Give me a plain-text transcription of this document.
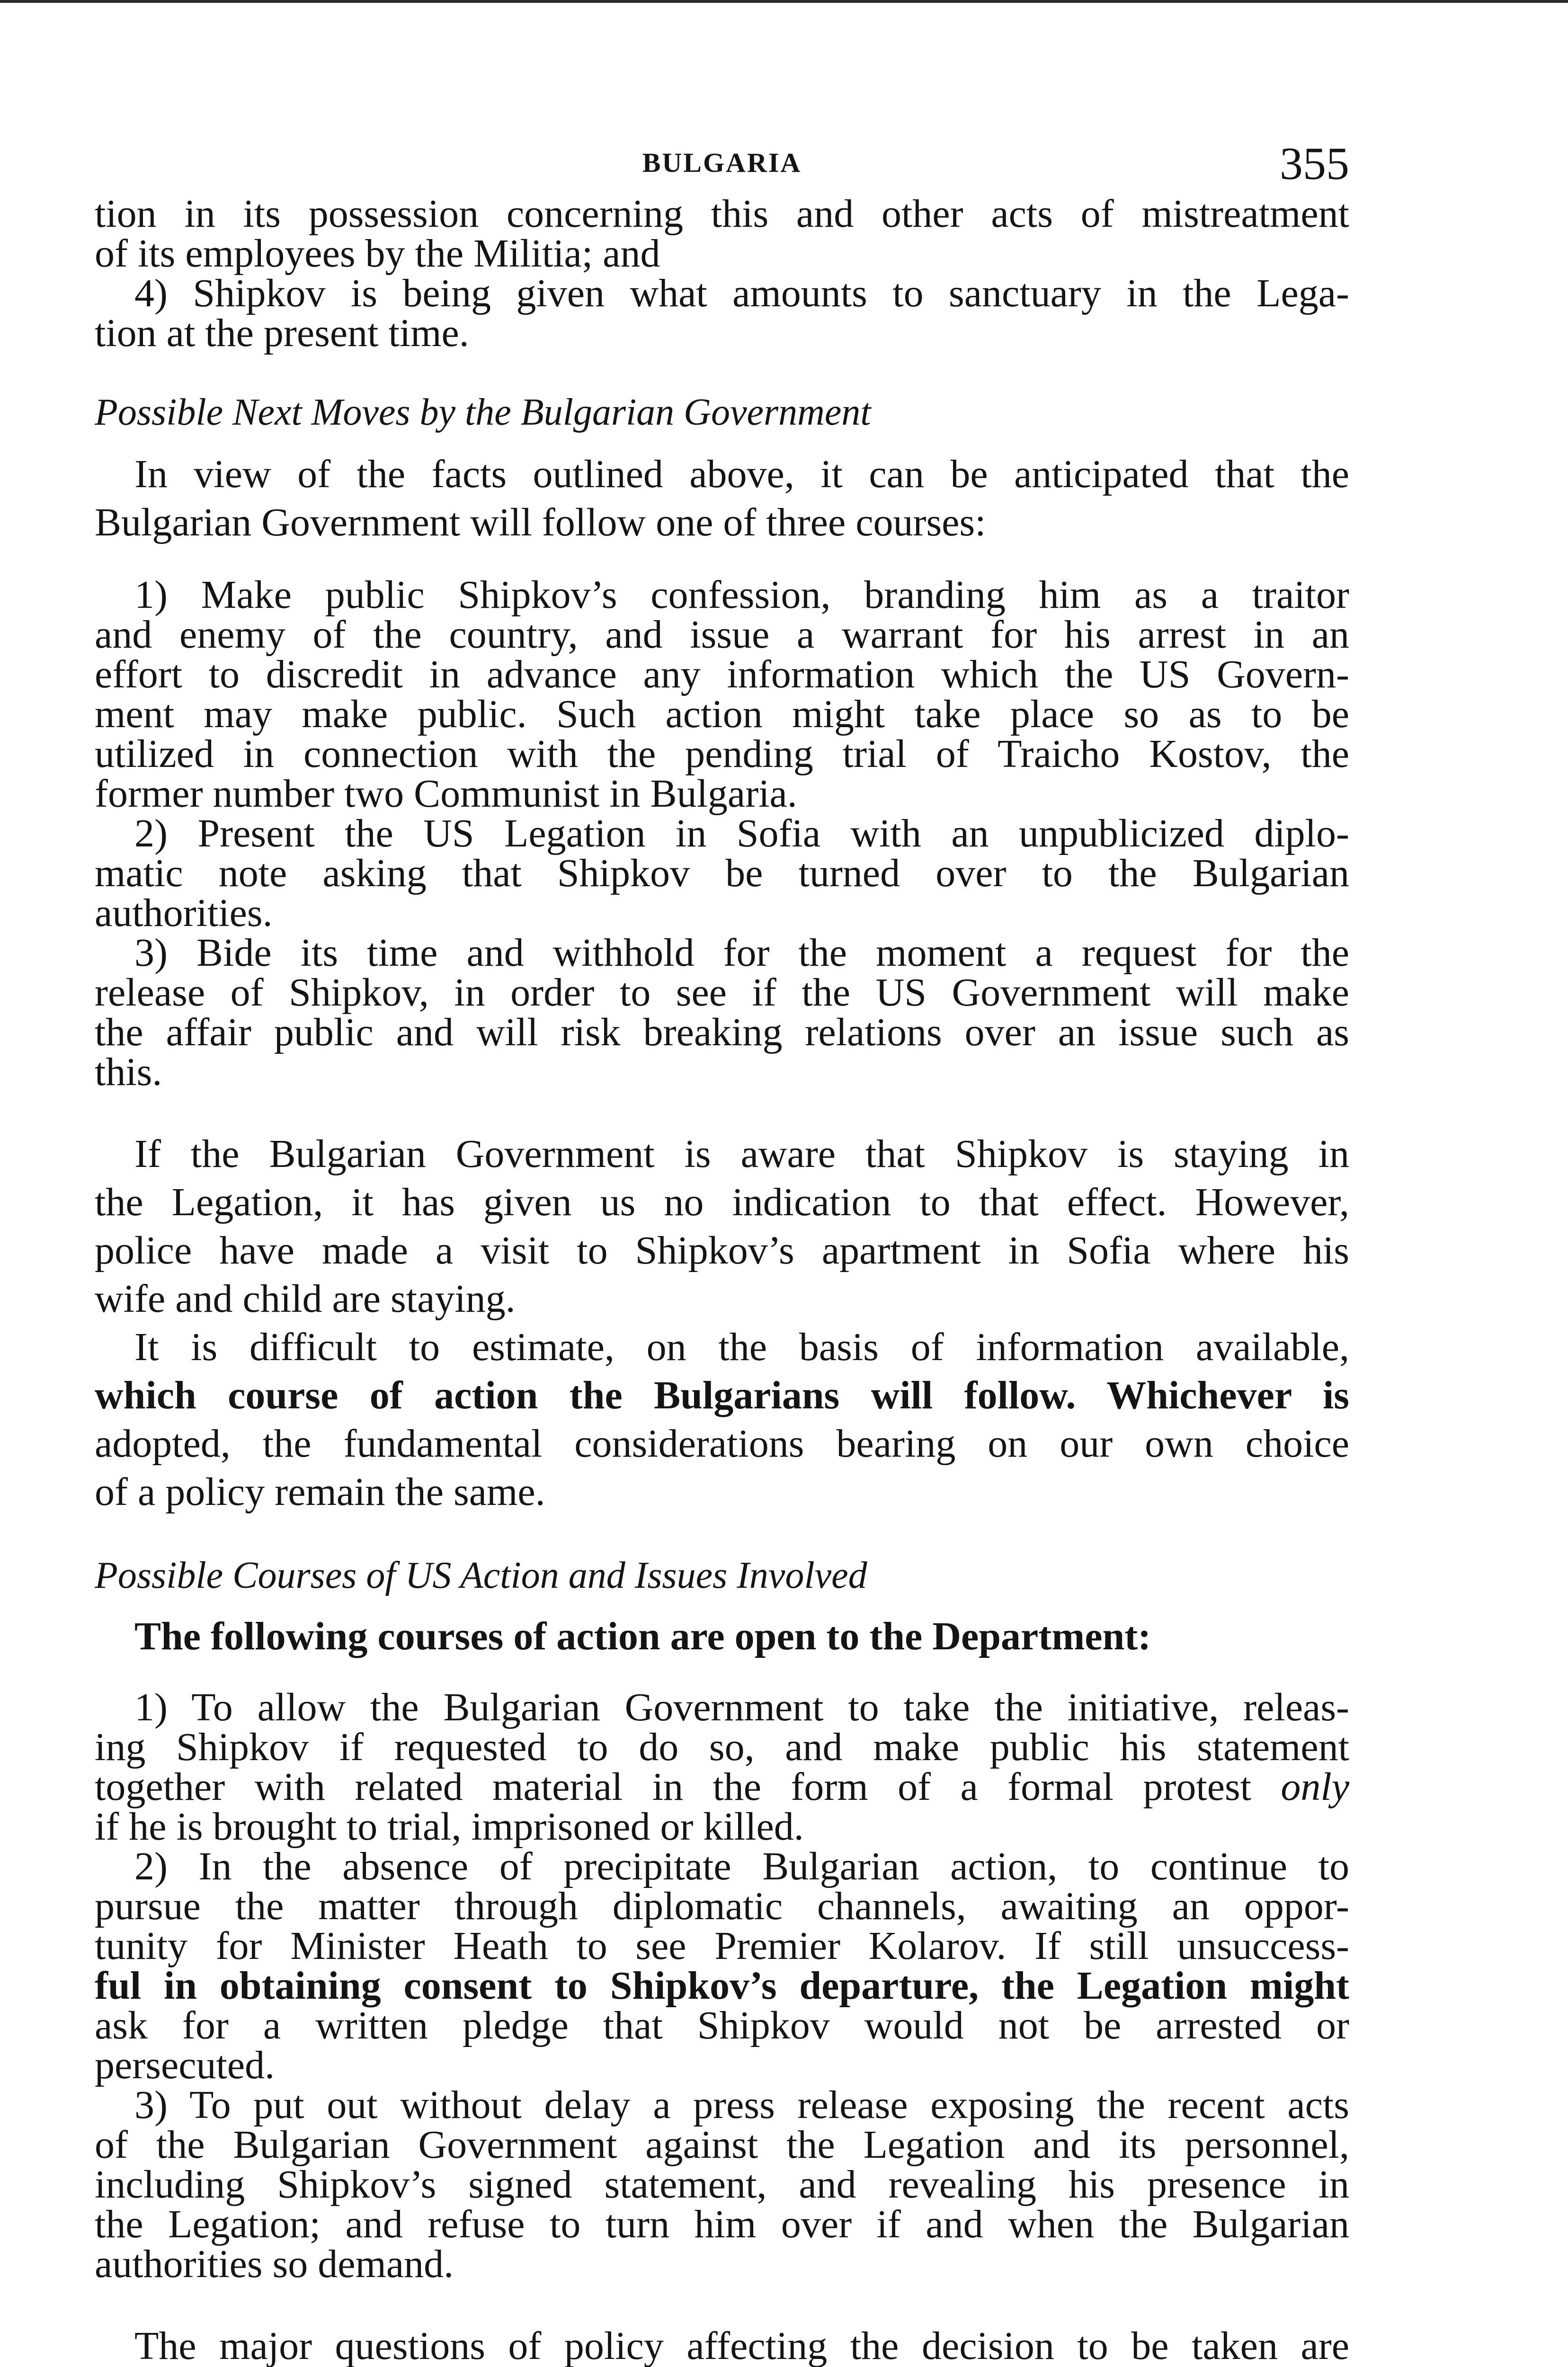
BULGARIA	355
tion in its possession concerning this and other acts of mistreatment
of its employees by the Militia; and
4) Shipkov is being given what amounts to sanctuary in the Lega-
tion at the present time.

Possible Next Moves by the Bulgarian Government

In view of the facts outlined above, it can be anticipated that the
Bulgarian Government will follow one of three courses:
1) Make public Shipkov’s confession, branding him as a traitor
and enemy of the country, and issue a warrant for his arrest in an
effort to discredit in advance any information which the US Govern-
ment may make public. Such action might take place so as to be
utilized in connection with the pending trial of Traicho Kostov, the
former number two Communist in Bulgaria.
2) Present the US Legation in Sofia with an unpublicized diplo-
matic note asking that Shipkov be turned over to the Bulgarian
authorities.
3) Bide its time and withhold for the moment a request for the
release of Shipkov, in order to see if the US Government will make
the affair public and will risk breaking relations over an issue such as
this.
If the Bulgarian Government is aware that Shipkov is staying in
the Legation, it has given us no indication to that effect. However,
police have made a visit to Shipkov’s apartment in Sofia where his
wife and child are staying.
It is difficult to estimate, on the basis of information available,
which course of action the Bulgarians will follow. Whichever is
adopted, the fundamental considerations bearing on our own choice
of a policy remain the same.

Possible Courses of US Action and Issues Involved

The following courses of action are open to the Department:

1) To allow the Bulgarian Government to take the initiative, releas-
ing Shipkov if requested to do so, and make public his statement
together with related material in the form of a formal protest only
if he is brought to trial, imprisoned or killed.
2) In the absence of precipitate Bulgarian action, to continue to
pursue the matter through diplomatic channels, awaiting an oppor-
tunity for Minister Heath to see Premier Kolarov. If still unsuccess-
ful in obtaining consent to Shipkov’s departure, the Legation might
ask for a written pledge that Shipkov would not be arrested or
persecuted.
3) To put out without delay a press release exposing the recent acts
of the Bulgarian Government against the Legation and its personnel,
including Shipkov’s signed statement, and revealing his presence in
the Legation; and refuse to turn him over if and when the Bulgarian
authorities so demand.
The major questions of policy affecting the decision to be taken are
